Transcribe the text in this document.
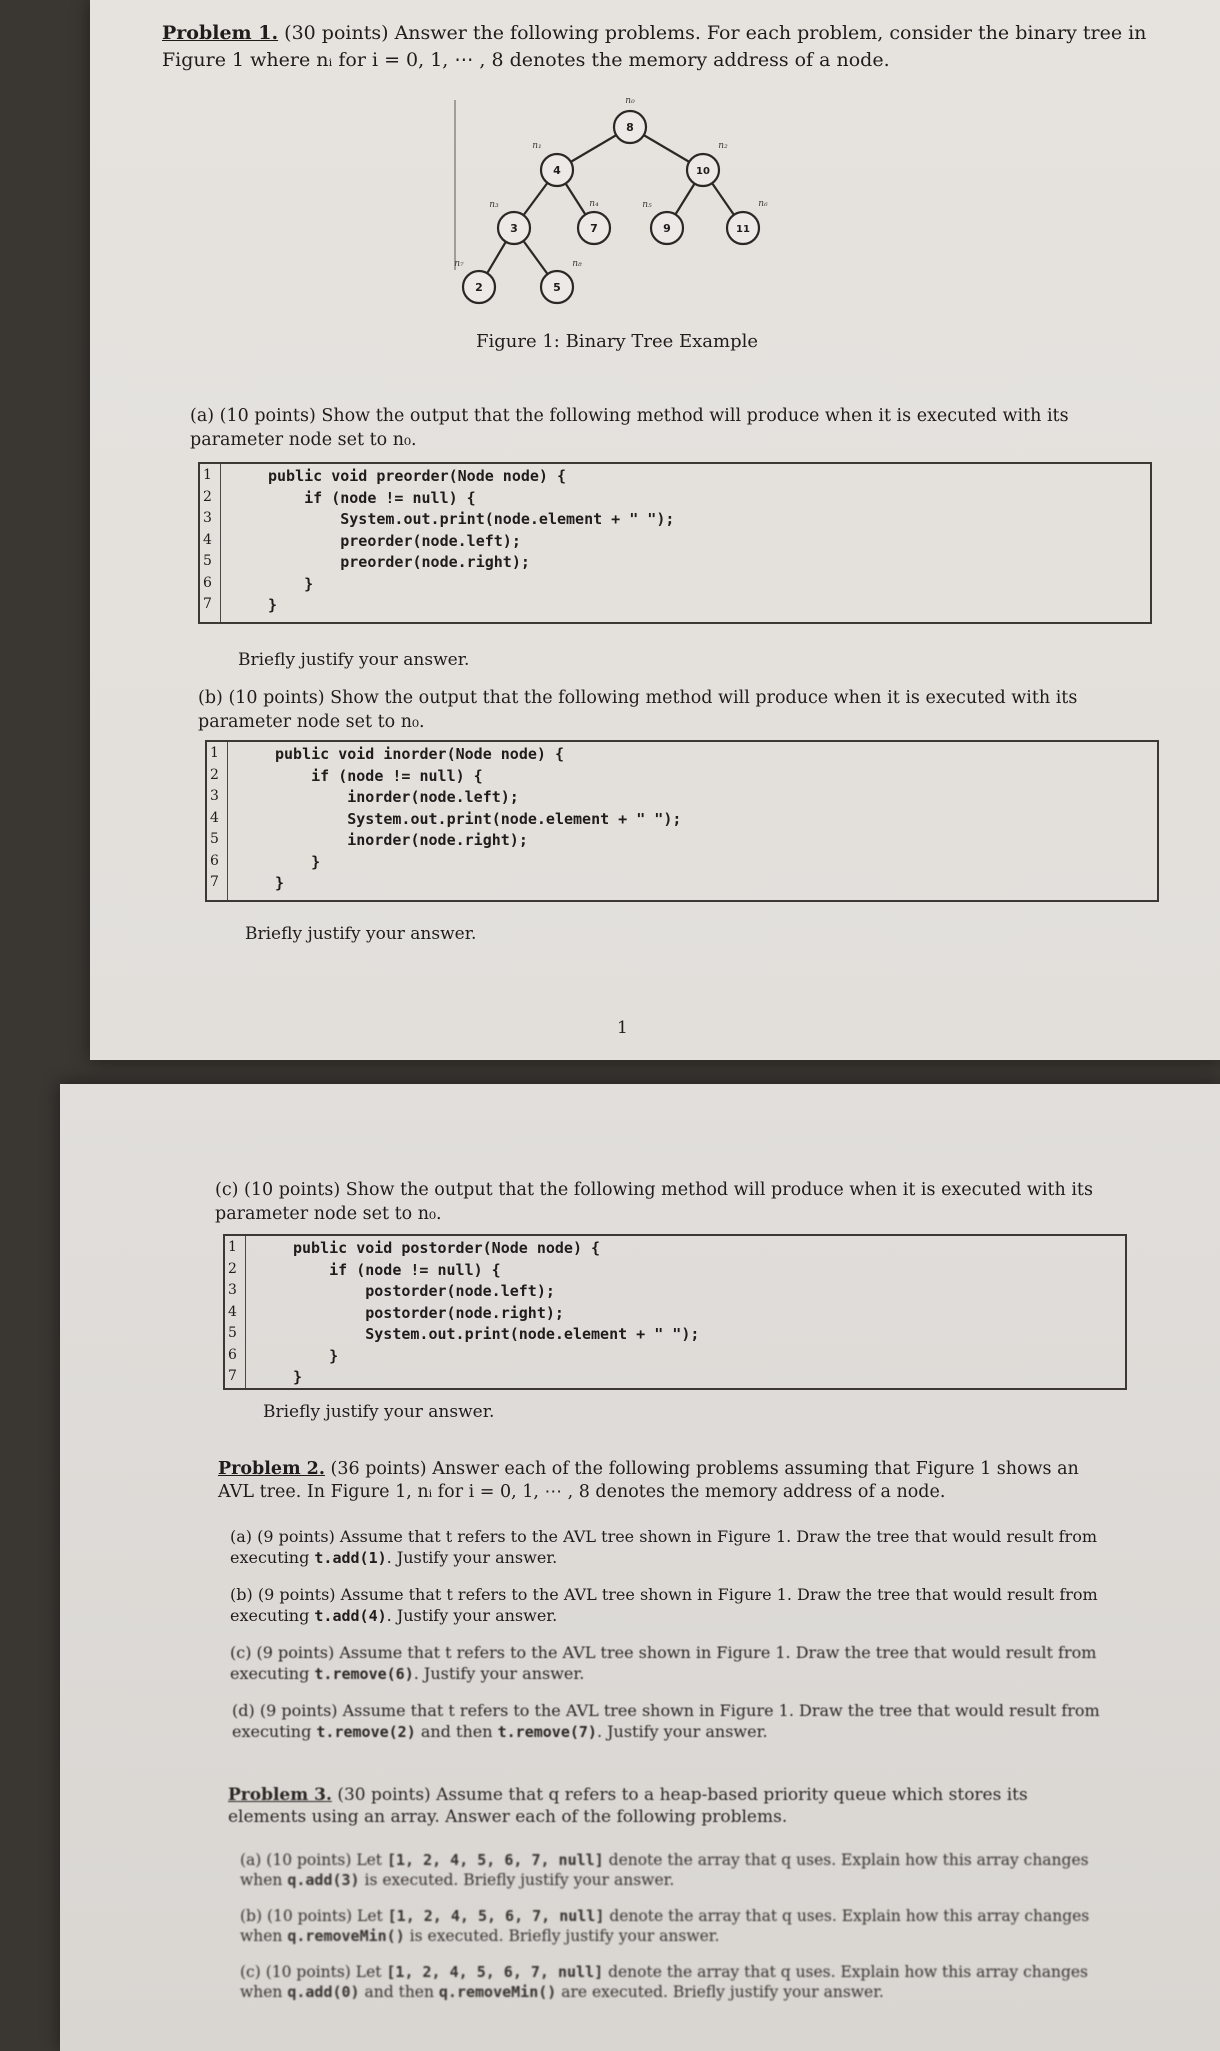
Problem 1. (30 points) Answer the following problems. For each problem, consider the binary tree in Figure 1 where nᵢ for i = 0, 1, ⋯ , 8 denotes the memory address of a node.
8
n₀
4
n₁
10
n₂
3
n₃
7
n₄
9
n₅
11
n₆
2
n₇
5
n₈
Figure 1: Binary Tree Example
(a) (10 points) Show the output that the following method will produce when it is executed with its parameter node set to n₀.
1
2
3
4
5
6
7
public void preorder(Node node) {
if (node != null) {
System.out.print(node.element + " ");
preorder(node.left);
preorder(node.right);
}
}
Briefly justify your answer.
(b) (10 points) Show the output that the following method will produce when it is executed with its parameter node set to n₀.
1
2
3
4
5
6
7
public void inorder(Node node) {
if (node != null) {
inorder(node.left);
System.out.print(node.element + " ");
inorder(node.right);
}
}
Briefly justify your answer.
1
(c) (10 points) Show the output that the following method will produce when it is executed with its parameter node set to n₀.
1
2
3
4
5
6
7
public void postorder(Node node) {
if (node != null) {
postorder(node.left);
postorder(node.right);
System.out.print(node.element + " ");
}
}
Briefly justify your answer.
Problem 2. (36 points) Answer each of the following problems assuming that Figure 1 shows an AVL tree. In Figure 1, nᵢ for i = 0, 1, ⋯ , 8 denotes the memory address of a node.
(a) (9 points) Assume that t refers to the AVL tree shown in Figure 1. Draw the tree that would result from executing t.add(1). Justify your answer.
(b) (9 points) Assume that t refers to the AVL tree shown in Figure 1. Draw the tree that would result from executing t.add(4). Justify your answer.
(c) (9 points) Assume that t refers to the AVL tree shown in Figure 1. Draw the tree that would result from executing t.remove(6). Justify your answer.
(d) (9 points) Assume that t refers to the AVL tree shown in Figure 1. Draw the tree that would result from executing t.remove(2) and then t.remove(7). Justify your answer.
Problem 3. (30 points) Assume that q refers to a heap-based priority queue which stores its elements using an array. Answer each of the following problems.
(a) (10 points) Let [1, 2, 4, 5, 6, 7, null] denote the array that q uses. Explain how this array changes when q.add(3) is executed. Briefly justify your answer.
(b) (10 points) Let [1, 2, 4, 5, 6, 7, null] denote the array that q uses. Explain how this array changes when q.removeMin() is executed. Briefly justify your answer.
(c) (10 points) Let [1, 2, 4, 5, 6, 7, null] denote the array that q uses. Explain how this array changes when q.add(0) and then q.removeMin() are executed. Briefly justify your answer.
